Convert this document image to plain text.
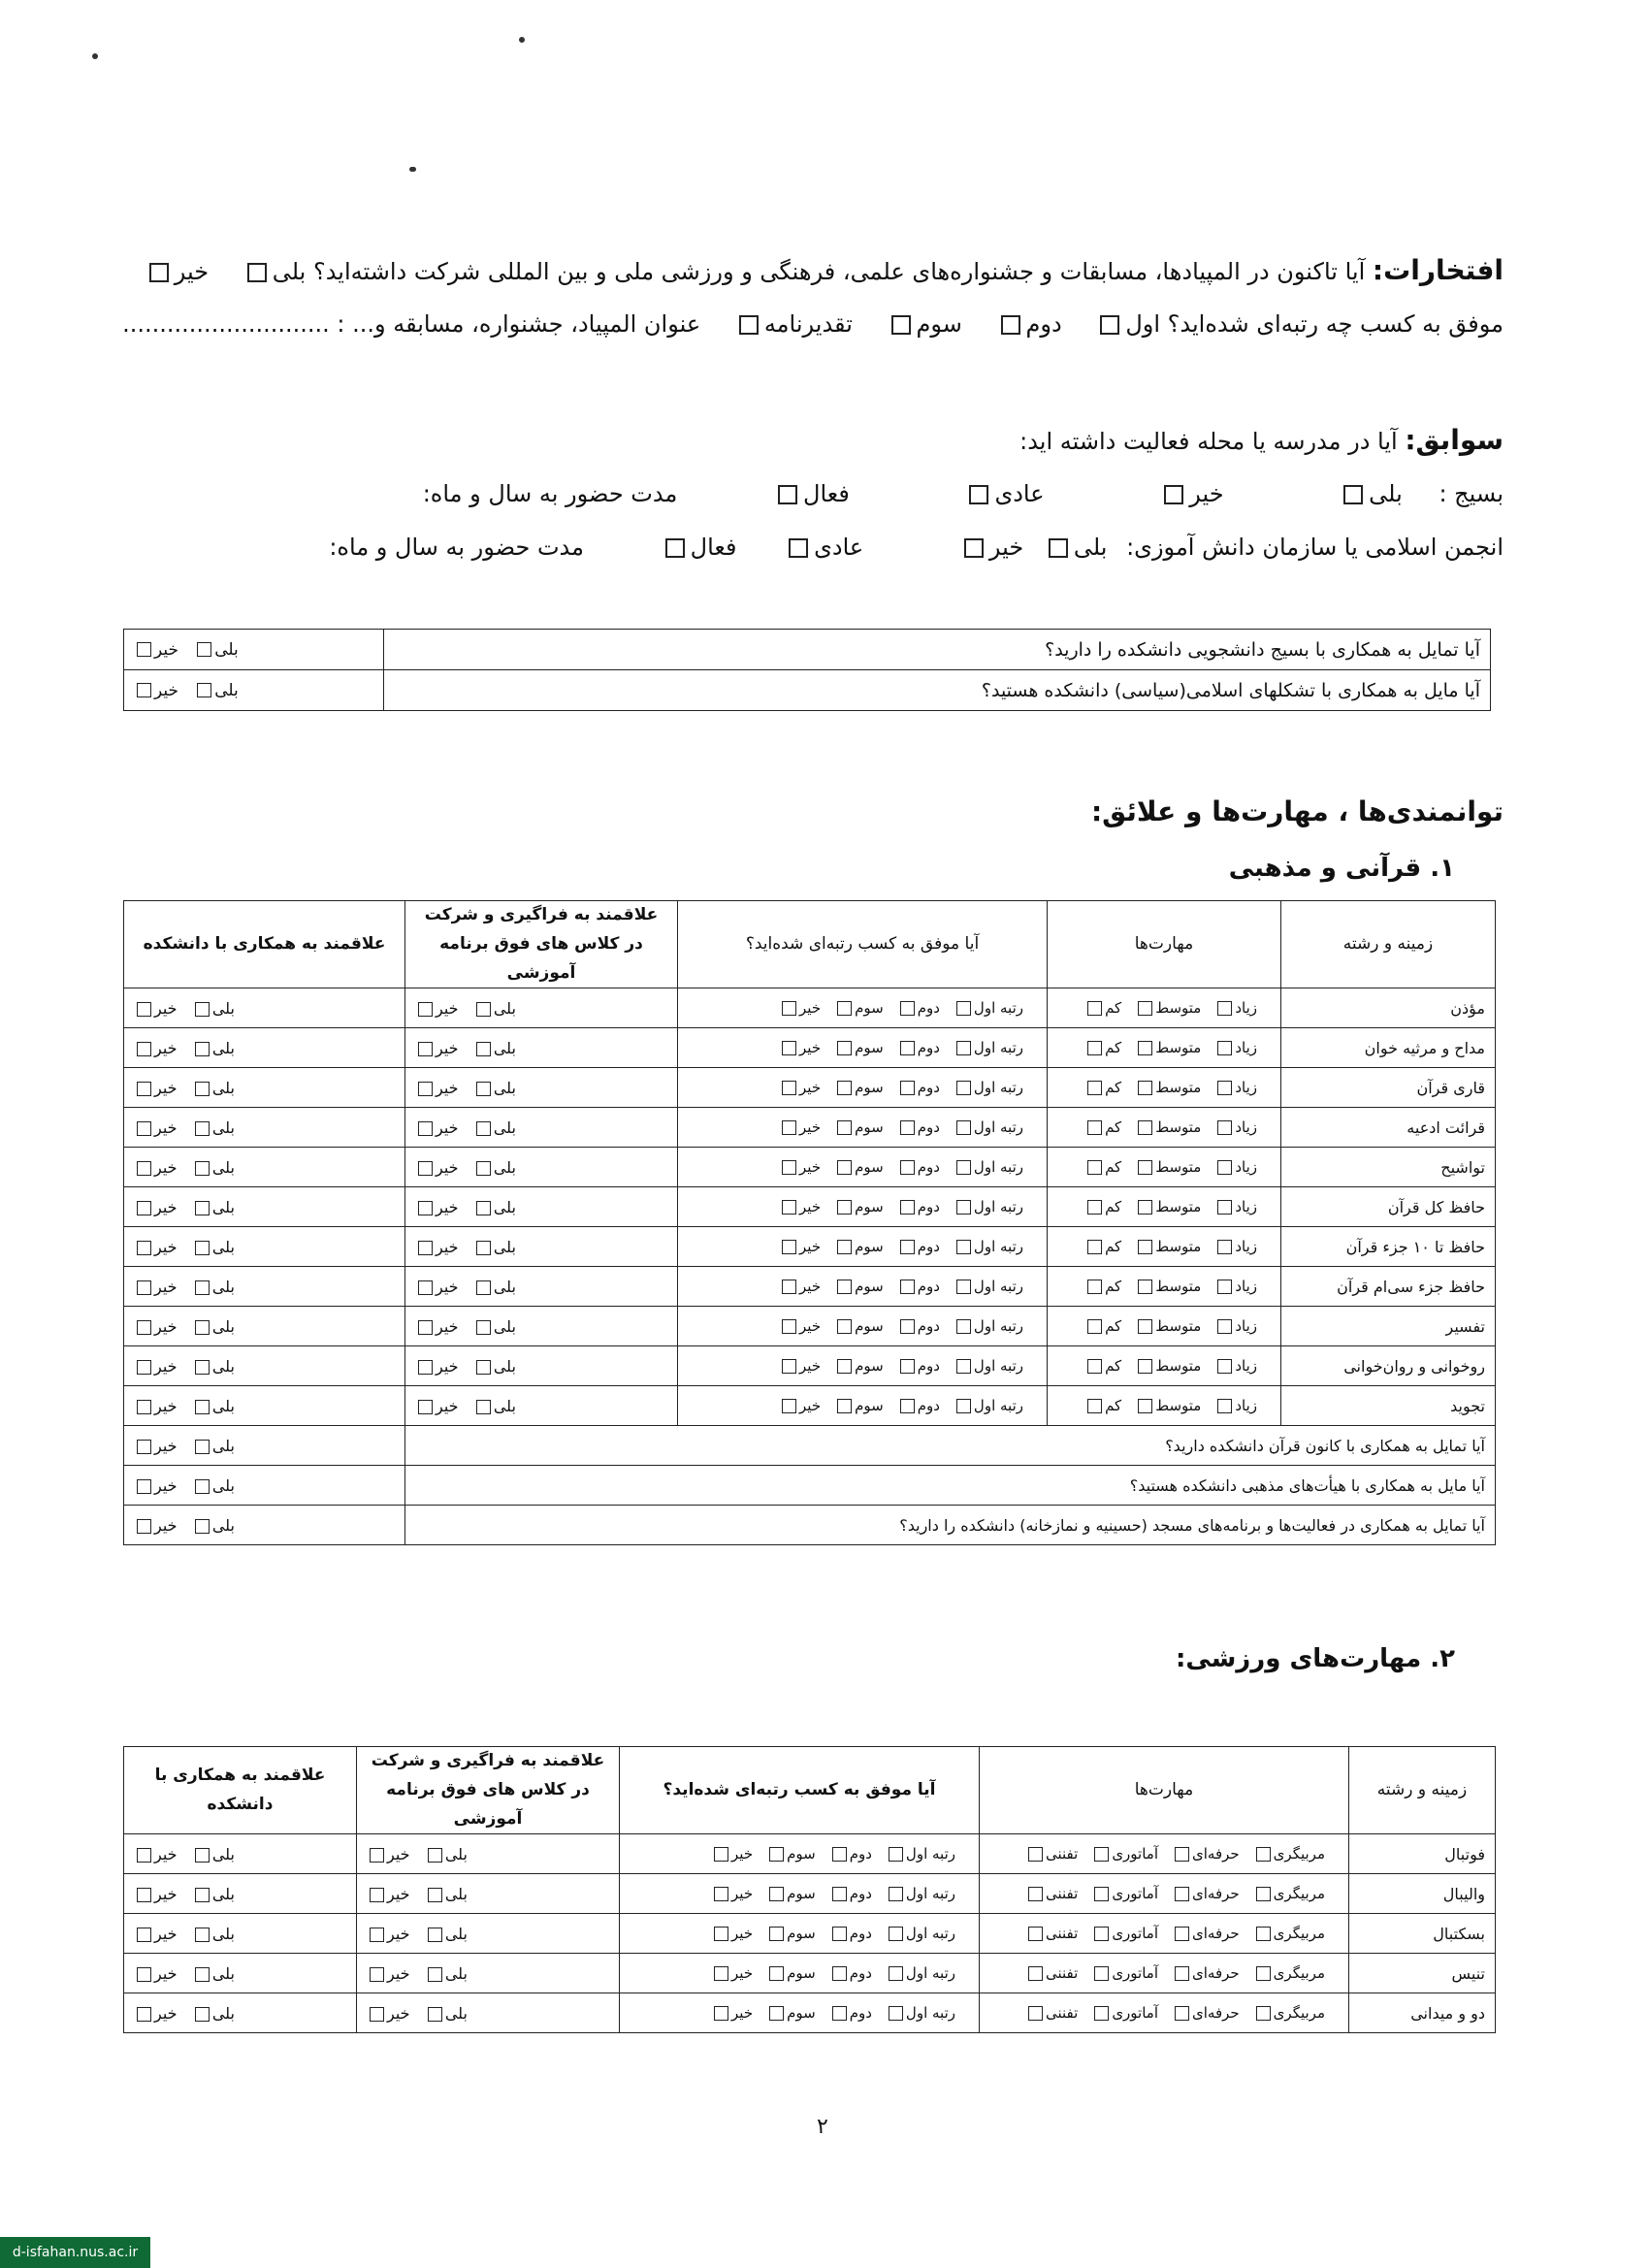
افتخارات: آیا تاکنون در المپیادها، مسابقات و جشنواره‌های علمی، فرهنگی و ورزشی ملی و بین المللی شرکت داشته‌اید؟ بلی خیر
موفق به کسب چه رتبه‌ای شده‌اید؟ اول دوم سوم تقدیرنامه عنوان المپیاد، جشنواره، مسابقه و... : ............................
سوابق: آیا در مدرسه یا محله فعالیت داشته اید:
بسیج : بلی خیر عادی فعال مدت حضور به سال و ماه:
انجمن اسلامی یا سازمان دانش آموزی: بلی خیر عادی فعال مدت حضور به سال و ماه:
آیا تمایل به همکاری با بسیج دانشجویی دانشکده را دارید؟	بلی   خیر
آیا مایل به همکاری با تشکلهای اسلامی(سیاسی) دانشکده هستید؟	بلی   خیر
توانمندی‌ها ، مهارت‌ها و علائق:
۱. قرآنی و مذهبی
زمینه و رشته	مهارت‌ها	آیا موفق به کسب رتبه‌ای شده‌اید؟	علاقمند به فراگیری و شرکت در کلاس های فوق برنامه آموزشی	علاقمند به همکاری با دانشکده
مؤذن	زیادمتوسطکم	رتبه اولدومسومخیر	بلی   خیر	بلی   خیر
مداح و مرثیه خوان	زیادمتوسطکم	رتبه اولدومسومخیر	بلی   خیر	بلی   خیر
قاری قرآن	زیادمتوسطکم	رتبه اولدومسومخیر	بلی   خیر	بلی   خیر
قرائت ادعیه	زیادمتوسطکم	رتبه اولدومسومخیر	بلی   خیر	بلی   خیر
تواشیح	زیادمتوسطکم	رتبه اولدومسومخیر	بلی   خیر	بلی   خیر
حافظ کل قرآن	زیادمتوسطکم	رتبه اولدومسومخیر	بلی   خیر	بلی   خیر
حافظ تا ۱۰ جزء قرآن	زیادمتوسطکم	رتبه اولدومسومخیر	بلی   خیر	بلی   خیر
حافظ جزء سی‌ام قرآن	زیادمتوسطکم	رتبه اولدومسومخیر	بلی   خیر	بلی   خیر
تفسیر	زیادمتوسطکم	رتبه اولدومسومخیر	بلی   خیر	بلی   خیر
روخوانی و روان‌خوانی	زیادمتوسطکم	رتبه اولدومسومخیر	بلی   خیر	بلی   خیر
تجوید	زیادمتوسطکم	رتبه اولدومسومخیر	بلی   خیر	بلی   خیر
آیا تمایل به همکاری با کانون قرآن دانشکده دارید؟				بلی   خیر
آیا مایل به همکاری با هیأت‌های مذهبی دانشکده هستید؟				بلی   خیر
آیا تمایل به همکاری در فعالیت‌ها و برنامه‌های مسجد (حسینیه و نمازخانه) دانشکده را دارید؟				بلی   خیر
۲. مهارت‌های ورزشی:
زمینه و رشته	مهارت‌ها	آیا موفق به کسب رتبه‌ای شده‌اید؟	علاقمند به فراگیری و شرکت در کلاس های فوق برنامه آموزشی	علاقمند به همکاری با دانشکده
فوتبال	مربیگریحرفه‌ایآماتوریتفننی	رتبه اولدومسومخیر	بلی   خیر	بلی   خیر
والیبال	مربیگریحرفه‌ایآماتوریتفننی	رتبه اولدومسومخیر	بلی   خیر	بلی   خیر
بسکتبال	مربیگریحرفه‌ایآماتوریتفننی	رتبه اولدومسومخیر	بلی   خیر	بلی   خیر
تنیس	مربیگریحرفه‌ایآماتوریتفننی	رتبه اولدومسومخیر	بلی   خیر	بلی   خیر
دو و میدانی	مربیگریحرفه‌ایآماتوریتفننی	رتبه اولدومسومخیر	بلی   خیر	بلی   خیر
۲
d-isfahan.nus.ac.ir
